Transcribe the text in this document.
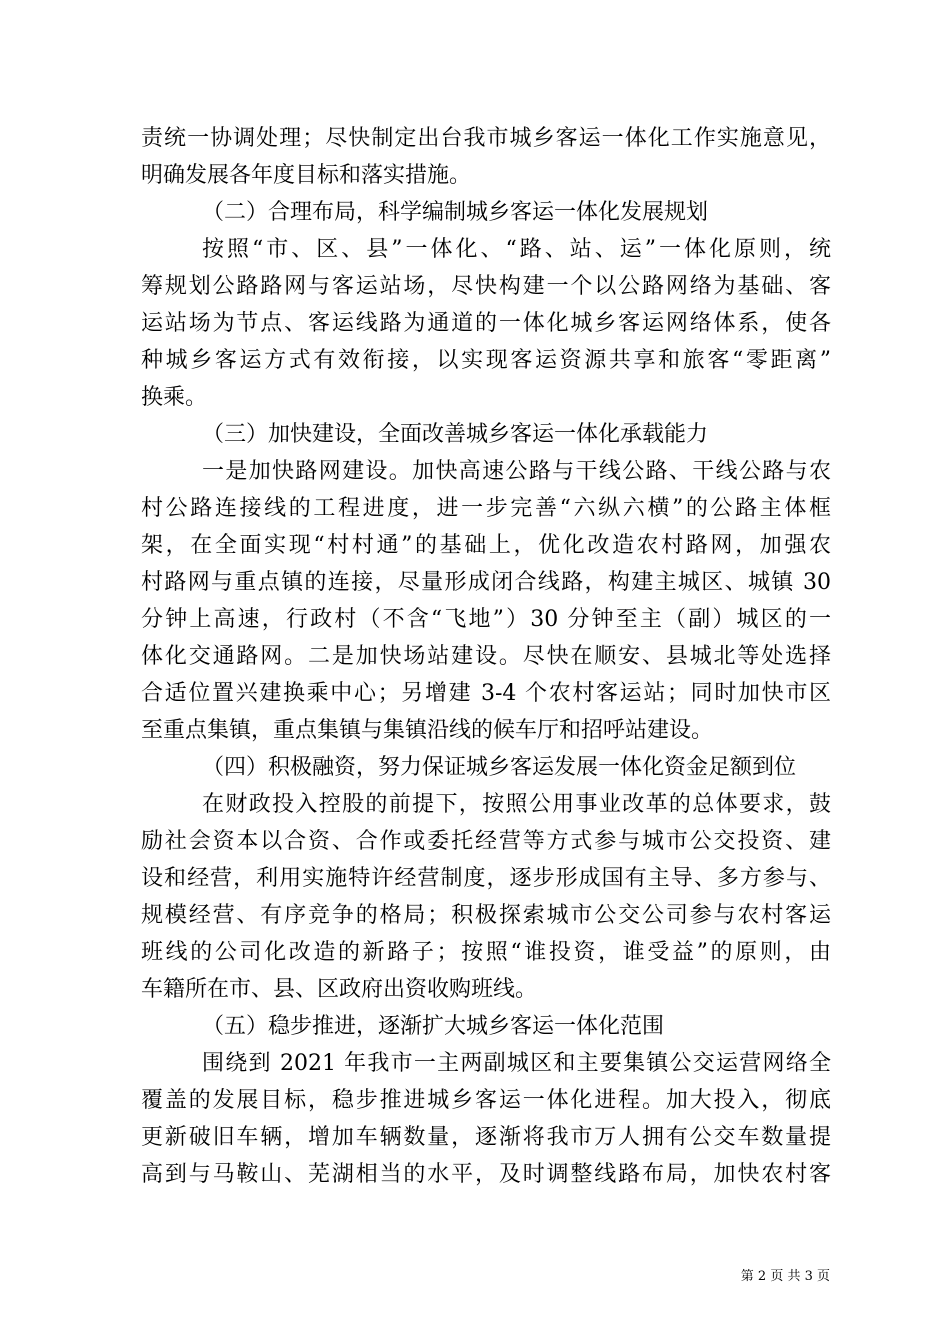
责统一协调处理；尽快制定出台我市城乡客运一体化工作实施意见，
明确发展各年度目标和落实措施。
（二）合理布局，科学编制城乡客运一体化发展规划
按照“市、区、县”一体化、“路、站、运”一体化原则，统
筹规划公路路网与客运站场，尽快构建一个以公路网络为基础、客
运站场为节点、客运线路为通道的一体化城乡客运网络体系，使各
种城乡客运方式有效衔接，以实现客运资源共享和旅客“零距离”
换乘。
（三）加快建设，全面改善城乡客运一体化承载能力
一是加快路网建设。加快高速公路与干线公路、干线公路与农
村公路连接线的工程进度，进一步完善“六纵六横”的公路主体框
架，在全面实现“村村通”的基础上，优化改造农村路网，加强农
村路网与重点镇的连接，尽量形成闭合线路，构建主城区、城镇 30
分钟上高速，行政村（不含“飞地”）30 分钟至主（副）城区的一
体化交通路网。二是加快场站建设。尽快在顺安、县城北等处选择
合适位置兴建换乘中心；另增建 3-4 个农村客运站；同时加快市区
至重点集镇，重点集镇与集镇沿线的候车厅和招呼站建设。
（四）积极融资，努力保证城乡客运发展一体化资金足额到位
在财政投入控股的前提下，按照公用事业改革的总体要求，鼓
励社会资本以合资、合作或委托经营等方式参与城市公交投资、建
设和经营，利用实施特许经营制度，逐步形成国有主导、多方参与、
规模经营、有序竞争的格局；积极探索城市公交公司参与农村客运
班线的公司化改造的新路子；按照“谁投资，谁受益”的原则，由
车籍所在市、县、区政府出资收购班线。
（五）稳步推进，逐渐扩大城乡客运一体化范围
围绕到 2021 年我市一主两副城区和主要集镇公交运营网络全
覆盖的发展目标，稳步推进城乡客运一体化进程。加大投入，彻底
更新破旧车辆，增加车辆数量，逐渐将我市万人拥有公交车数量提
高到与马鞍山、芜湖相当的水平，及时调整线路布局，加快农村客
第 2 页 共 3 页
